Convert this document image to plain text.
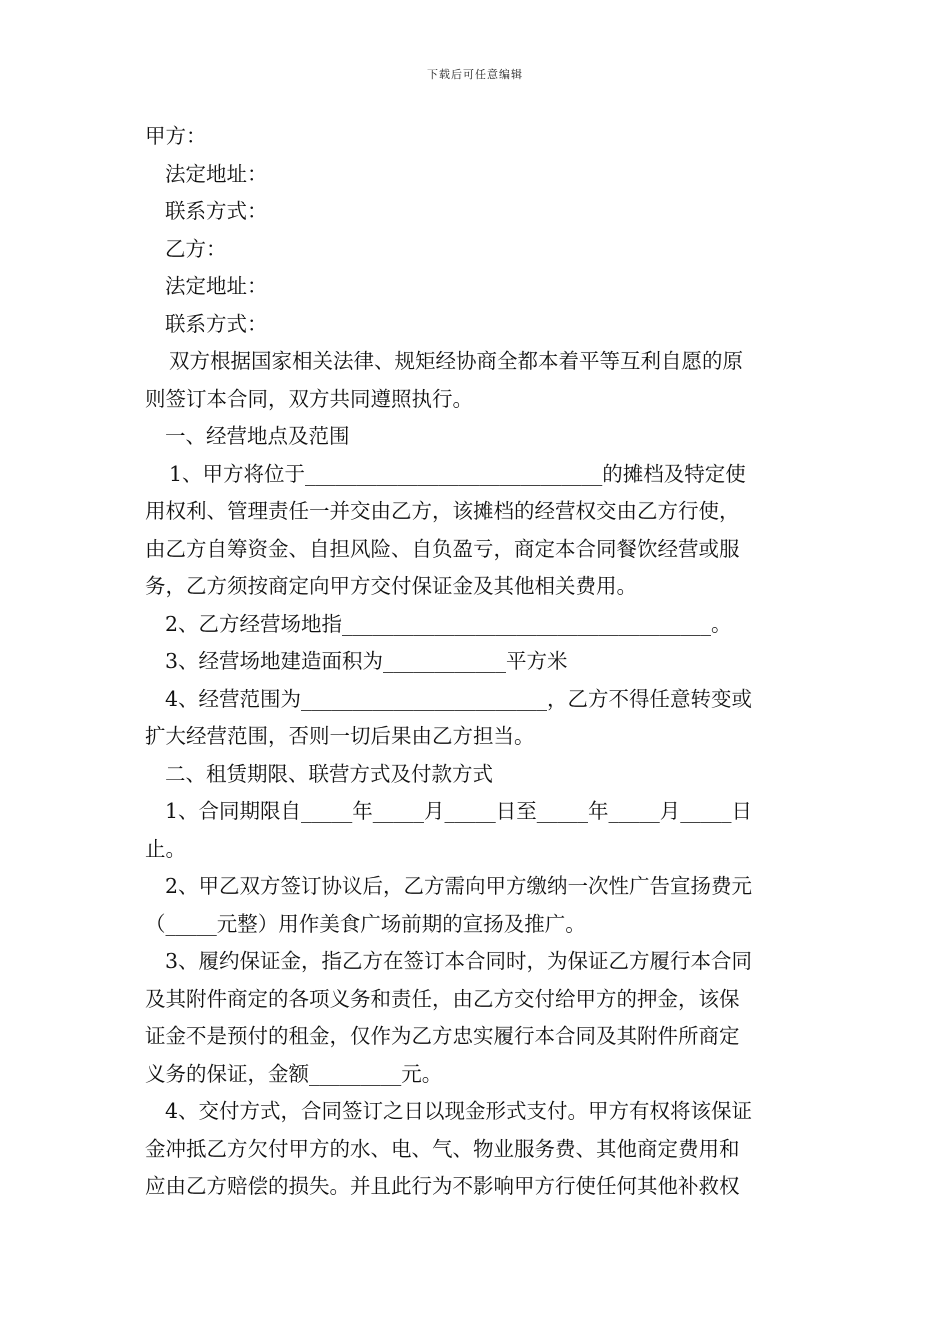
下载后可任意编辑
甲方：
法定地址：
联系方式：
乙方：
法定地址：
联系方式：
双方根据国家相关法律、规矩经协商全都本着平等互利自愿的原
则签订本合同，双方共同遵照执行。
一、经营地点及范围
1、甲方将位于_____________________________的摊档及特定使
用权利、管理责任一并交由乙方，该摊档的经营权交由乙方行使，
由乙方自筹资金、自担风险、自负盈亏，商定本合同餐饮经营或服
务，乙方须按商定向甲方交付保证金及其他相关费用。
2、乙方经营场地指____________________________________。
3、经营场地建造面积为____________平方米
4、经营范围为________________________，乙方不得任意转变或
扩大经营范围，否则一切后果由乙方担当。
二、租赁期限、联营方式及付款方式
1、合同期限自_____年_____月_____日至_____年_____月_____日
止。
2、甲乙双方签订协议后，乙方需向甲方缴纳一次性广告宣扬费元
（_____元整）用作美食广场前期的宣扬及推广。
3、履约保证金，指乙方在签订本合同时，为保证乙方履行本合同
及其附件商定的各项义务和责任，由乙方交付给甲方的押金，该保
证金不是预付的租金，仅作为乙方忠实履行本合同及其附件所商定
义务的保证，金额_________元。
4、交付方式，合同签订之日以现金形式支付。甲方有权将该保证
金冲抵乙方欠付甲方的水、电、气、物业服务费、其他商定费用和
应由乙方赔偿的损失。并且此行为不影响甲方行使任何其他补救权
